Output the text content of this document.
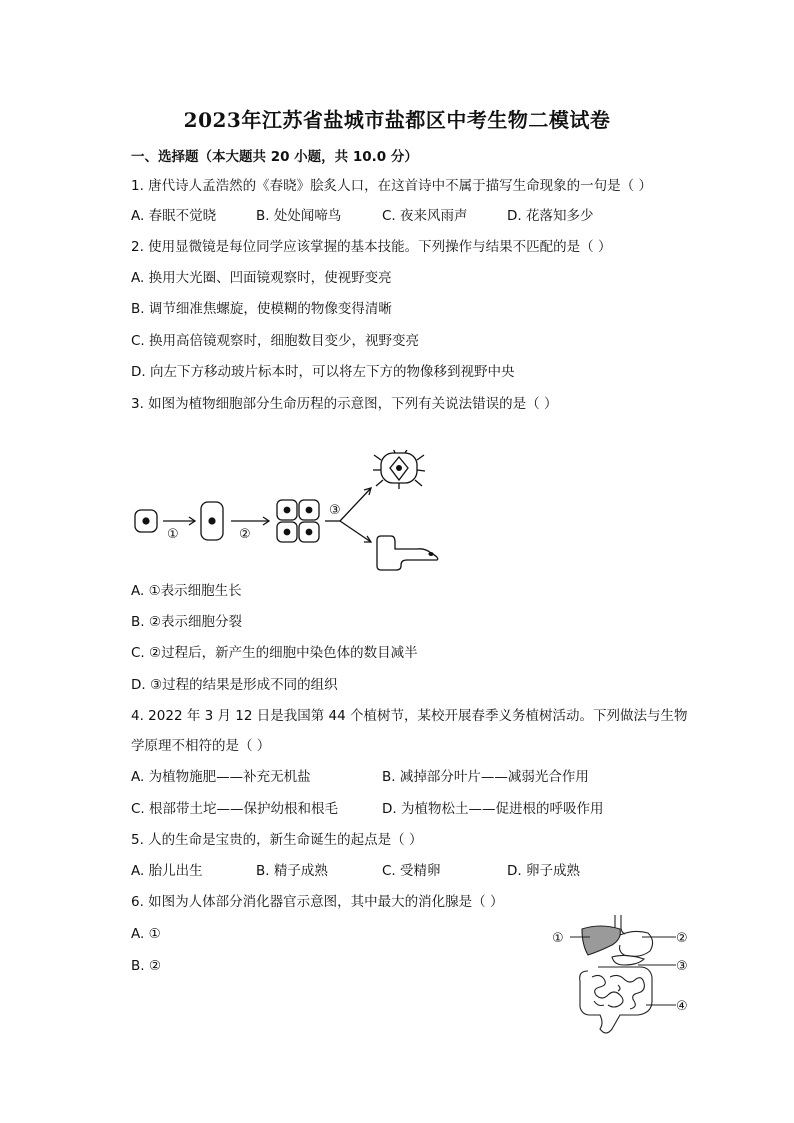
2023年江苏省盐城市盐都区中考生物二模试卷
一、选择题（本大题共 20 小题，共 10.0 分）
1. 唐代诗人孟浩然的《春晓》脍炙人口，在这首诗中不属于描写生命现象的一句是（ ）
A. 春眠不觉晓	B. 处处闻啼鸟	C. 夜来风雨声	D. 花落知多少
2. 使用显微镜是每位同学应该掌握的基本技能。下列操作与结果不匹配的是（ ）
A. 换用大光圈、凹面镜观察时，使视野变亮
B. 调节细准焦螺旋，使模糊的物像变得清晰
C. 换用高倍镜观察时，细胞数目变少，视野变亮
D. 向左下方移动玻片标本时，可以将左下方的物像移到视野中央
3. 如图为植物细胞部分生命历程的示意图，下列有关说法错误的是（ ）
①	②
③
A. ①表示细胞生长
B. ②表示细胞分裂
C. ②过程后，新产生的细胞中染色体的数目减半
D. ③过程的结果是形成不同的组织
4. 2022 年 3 月 12 日是我国第 44 个植树节，某校开展春季义务植树活动。下列做法与生物
学原理不相符的是（ ）
A. 为植物施肥——补充无机盐	B. 减掉部分叶片——减弱光合作用
C. 根部带土坨——保护幼根和根毛	D. 为植物松土——促进根的呼吸作用
5. 人的生命是宝贵的，新生命诞生的起点是（ ）
A. 胎儿出生	B. 精子成熟	C. 受精卵	D. 卵子成熟
6. 如图为人体部分消化器官示意图，其中最大的消化腺是（ ）
A. ①
B. ②
①	②
③
④
